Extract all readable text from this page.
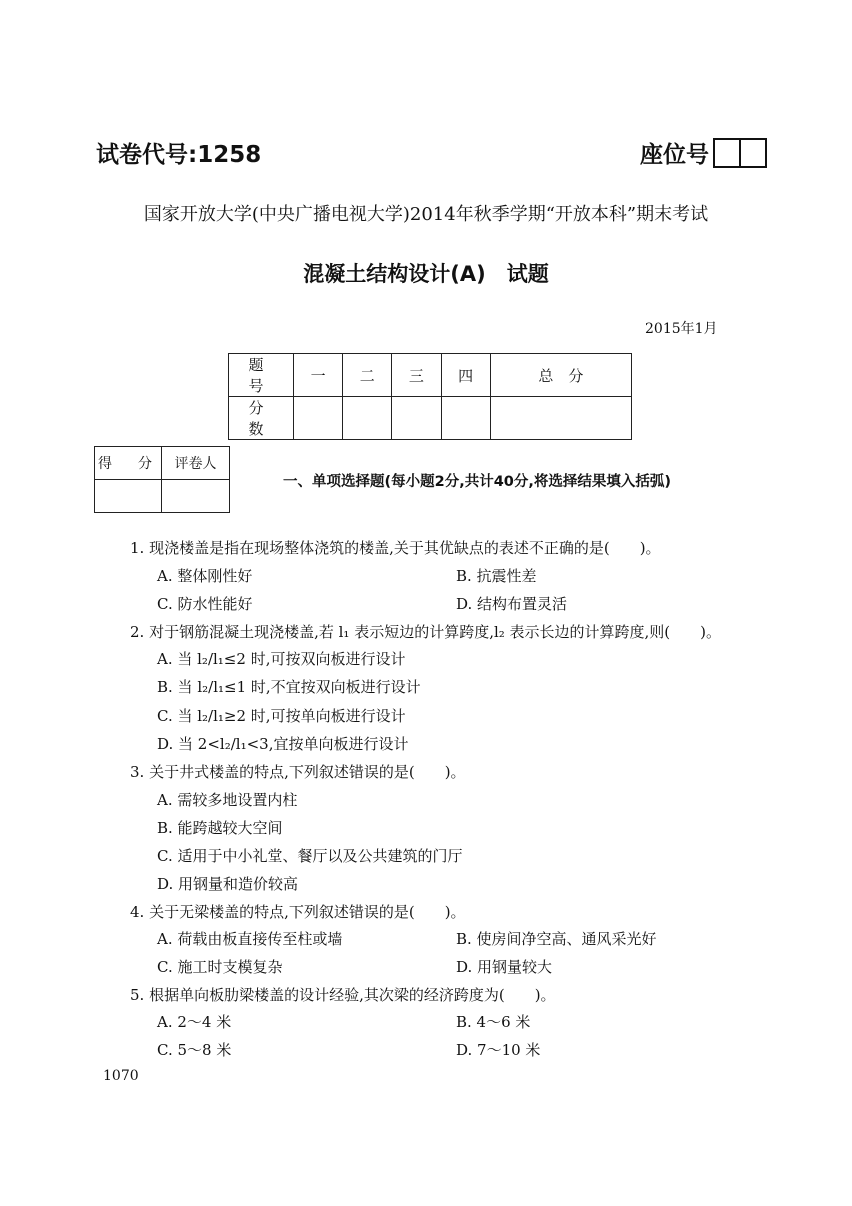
试卷代号:1258	座位号
国家开放大学(中央广播电视大学)2014年秋季学期“开放本科”期末考试
混凝土结构设计(A)　试题
2015年1月
题　号	一	二	三	四	总　分
分　数					
得　分	评卷人

一、单项选择题(每小题2分,共计40分,将选择结果填入括弧)
1. 现浇楼盖是指在现场整体浇筑的楼盖,关于其优缺点的表述不正确的是(　　)。
A. 整体刚性好	B. 抗震性差
C. 防水性能好	D. 结构布置灵活
2. 对于钢筋混凝土现浇楼盖,若 l₁ 表示短边的计算跨度,l₂ 表示长边的计算跨度,则(　　)。
A. 当 l₂/l₁≤2 时,可按双向板进行设计
B. 当 l₂/l₁≤1 时,不宜按双向板进行设计
C. 当 l₂/l₁≥2 时,可按单向板进行设计
D. 当 2<l₂/l₁<3,宜按单向板进行设计
3. 关于井式楼盖的特点,下列叙述错误的是(　　)。
A. 需较多地设置内柱
B. 能跨越较大空间
C. 适用于中小礼堂、餐厅以及公共建筑的门厅
D. 用钢量和造价较高
4. 关于无梁楼盖的特点,下列叙述错误的是(　　)。
A. 荷载由板直接传至柱或墙	B. 使房间净空高、通风采光好
C. 施工时支模复杂	D. 用钢量较大
5. 根据单向板肋梁楼盖的设计经验,其次梁的经济跨度为(　　)。
A. 2～4 米	B. 4～6 米
C. 5～8 米	D. 7～10 米
1070
